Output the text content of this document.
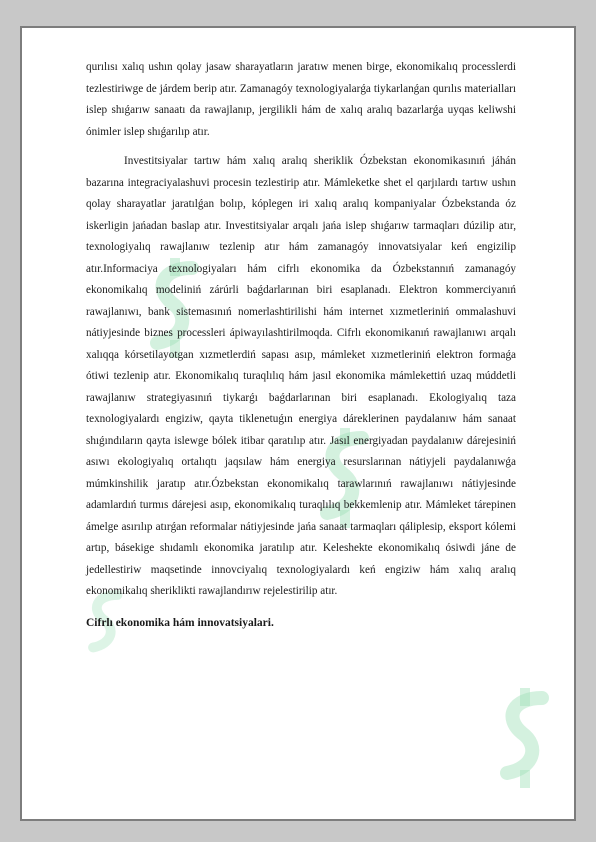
qurılısı xalıq ushın qolay jasaw sharayatların jaratıw menen birge, ekonomikalıq processlerdi tezlestiriwge de járdem berip atır. Zamanagóy texnologiyalarǵa tiykarlanǵan qurılıs materialları islep shıǵarıw sanaatı da rawajlanıp, jergilikli hám de xalıq aralıq bazarlarǵa uyqas keliwshi ónimler islep shıǵarılıp atır.

Investitsiyalar tartıw hám xalıq aralıq sheriklik Ózbekstan ekonomikasınıń jáhán bazarına integraciyalashuvi procesin tezlestirip atır. Mámleketke shet el qarjılardı tartıw ushın qolay sharayatlar jaratılǵan bolıp, kóplegen iri xalıq aralıq kompaniyalar Ózbekstanda óz iskerligin jańadan baslap atır. Investitsiyalar arqalı jańa islep shıǵarıw tarmaqları dúzilip atır, texnologiyalıq rawajlanıw tezlenip atır hám zamanagóy innovatsiyalar keń engizilip atır.Informaciya texnologiyaları hám cifrlı ekonomika da Ózbekstannıń zamanagóy ekonomikalıq modeliniń zárúrli baǵdarlarınan biri esaplanadı. Elektron kommerciyanıń rawajlanıwı, bank sistemasınıń nomerlashtirilishi hám internet xızmetleriniń ommalashuvi nátiyjesinde biznes processleri ápiwayılashtirilmoqda. Cifrlı ekonomikanıń rawajlanıwı arqalı xalıqqa kórsetilayotgan xızmetlerdiń sapası asıp, mámleket xızmetleriniń elektron formaǵa ótiwi tezlenip atır. Ekonomikalıq turaqlılıq hám jasıl ekonomika mámlekettiń uzaq múddetli rawajlanıw strategiyasınıń tiykarǵı baǵdarlarınan biri esaplanadı. Ekologiyalıq taza texnologiyalardı engiziw, qayta tiklenetuǵın energiya dáreklerinen paydalanıw hám sanaat shıǵındıların qayta islewge bólek itibar qaratılıp atır. Jasıl energiyadan paydalanıw dárejesiniń asıwı ekologiyalıq ortalıqtı jaqsılaw hám energiya resurslarınan nátiyjeli paydalanıwǵa múmkinshilik jaratıp atır.Ózbekstan ekonomikalıq tarawlarınıń rawajlanıwı nátiyjesinde adamlardıń turmıs dárejesi asıp, ekonomikalıq turaqlılıq bekkemlenip atır. Mámleket tárepinen ámelge asırılıp atırǵan reformalar nátiyjesinde jańa sanaat tarmaqları qáliplesip, eksport kólemi artıp, básekige shıdamlı ekonomika jaratılıp atır. Keleshekte ekonomikalıq ósiwdi jáne de jedellestiriw maqsetinde innovciyalıq texnologiyalardı keń engiziw hám xalıq aralıq ekonomikalıq sheriklikti rawajlandırıw rejelestirilip atır.

Cifrlı ekonomika hám innovatsiyalari.
